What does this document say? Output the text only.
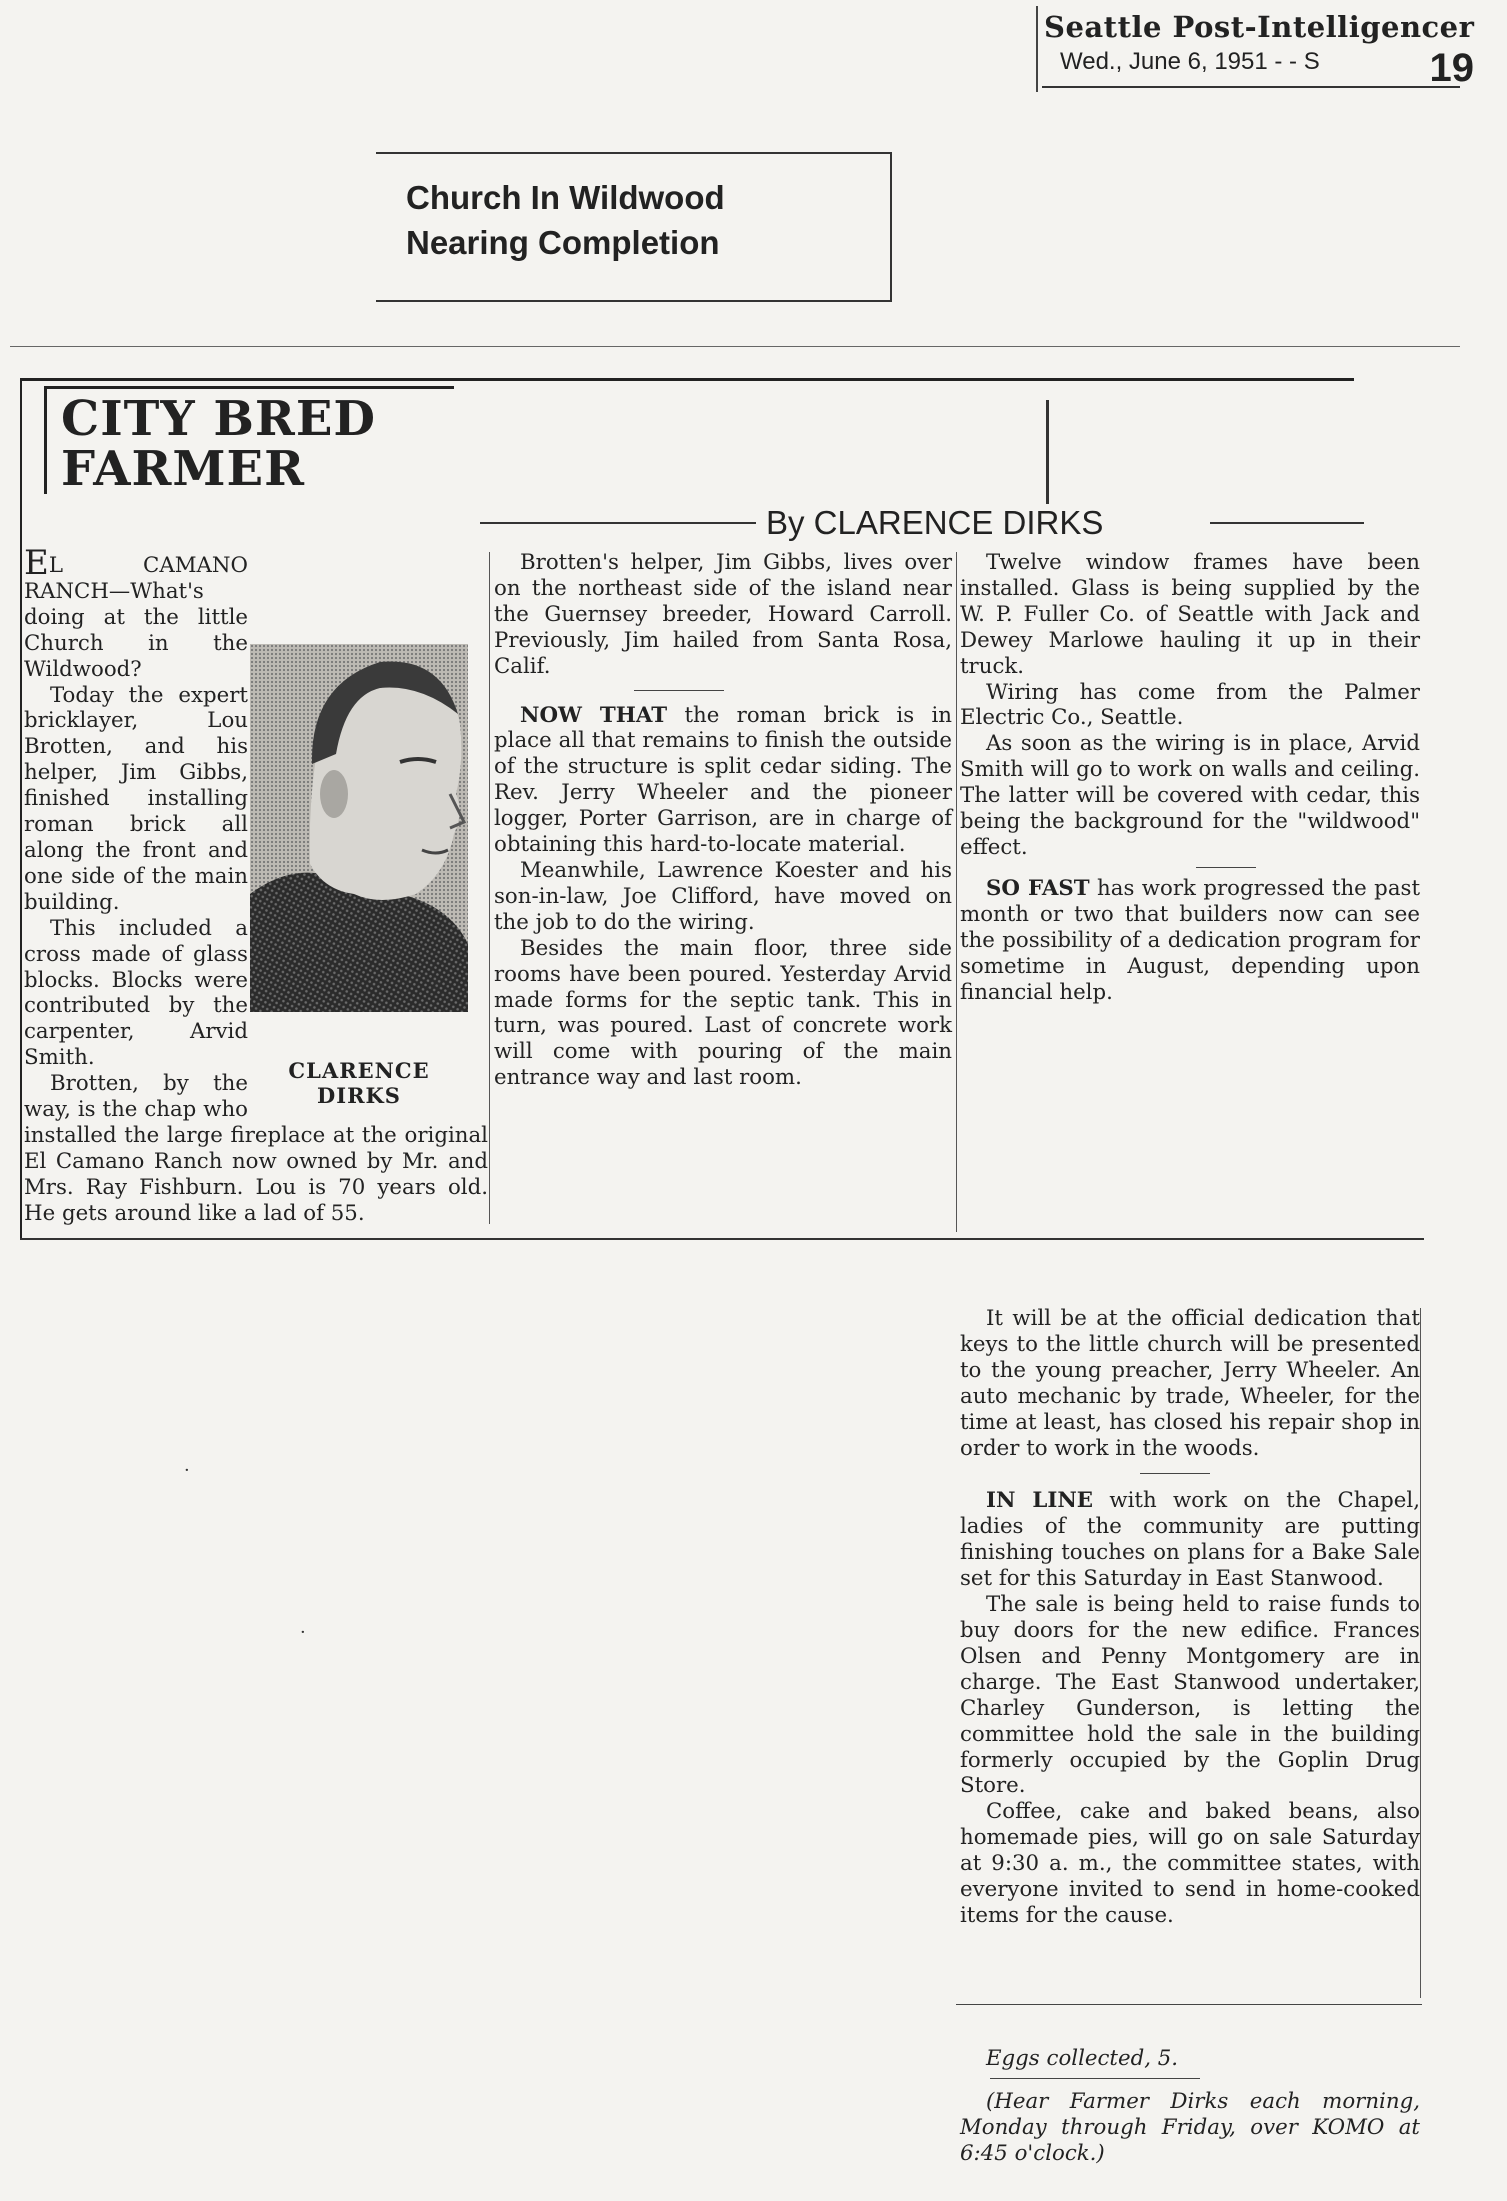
Seattle Post-Intelligencer
Wed., June 6, 1951 - - S	19
Church In Wildwood
Nearing Completion
CITY BRED
FARMER
By CLARENCE DIRKS
CLARENCE
DIRKS

EL CAMANO RANCH—What's doing at the little Church in the Wildwood?

Today the expert bricklayer, Lou Brotten, and his helper, Jim Gibbs, finished installing roman brick all along the front and one side of the main building.

This included a cross made of glass blocks. Blocks were contributed by the carpenter, Arvid Smith.

Brotten, by the way, is the chap who installed the large fireplace at the original El Camano Ranch now owned by Mr. and Mrs. Ray Fishburn. Lou is 70 years old. He gets around like a lad of 55.

Brotten's helper, Jim Gibbs, lives over on the northeast side of the island near the Guernsey breeder, Howard Carroll. Previously, Jim hailed from Santa Rosa, Calif.

NOW THAT the roman brick is in place all that remains to finish the outside of the structure is split cedar siding. The Rev. Jerry Wheeler and the pioneer logger, Porter Garrison, are in charge of obtaining this hard-to-locate material.

Meanwhile, Lawrence Koester and his son-in-law, Joe Clifford, have moved on the job to do the wiring.

Besides the main floor, three side rooms have been poured. Yesterday Arvid made forms for the septic tank. This in turn, was poured. Last of concrete work will come with pouring of the main entrance way and last room.

Twelve window frames have been installed. Glass is being supplied by the W. P. Fuller Co. of Seattle with Jack and Dewey Marlowe hauling it up in their truck.

Wiring has come from the Palmer Electric Co., Seattle.

As soon as the wiring is in place, Arvid Smith will go to work on walls and ceiling. The latter will be covered with cedar, this being the background for the "wildwood" effect.

SO FAST has work progressed the past month or two that builders now can see the possibility of a dedication program for sometime in August, depending upon financial help.

It will be at the official dedication that keys to the little church will be presented to the young preacher, Jerry Wheeler. An auto mechanic by trade, Wheeler, for the time at least, has closed his repair shop in order to work in the woods.

IN LINE with work on the Chapel, ladies of the community are putting finishing touches on plans for a Bake Sale set for this Saturday in East Stanwood.

The sale is being held to raise funds to buy doors for the new edifice. Frances Olsen and Penny Montgomery are in charge. The East Stanwood undertaker, Charley Gunderson, is letting the committee hold the sale in the building formerly occupied by the Goplin Drug Store.

Coffee, cake and baked beans, also homemade pies, will go on sale Saturday at 9:30 a. m., the committee states, with everyone invited to send in home-cooked items for the cause.

Eggs collected, 5.

(Hear Farmer Dirks each morning, Monday through Friday, over KOMO at 6:45 o'clock.)

·
·
